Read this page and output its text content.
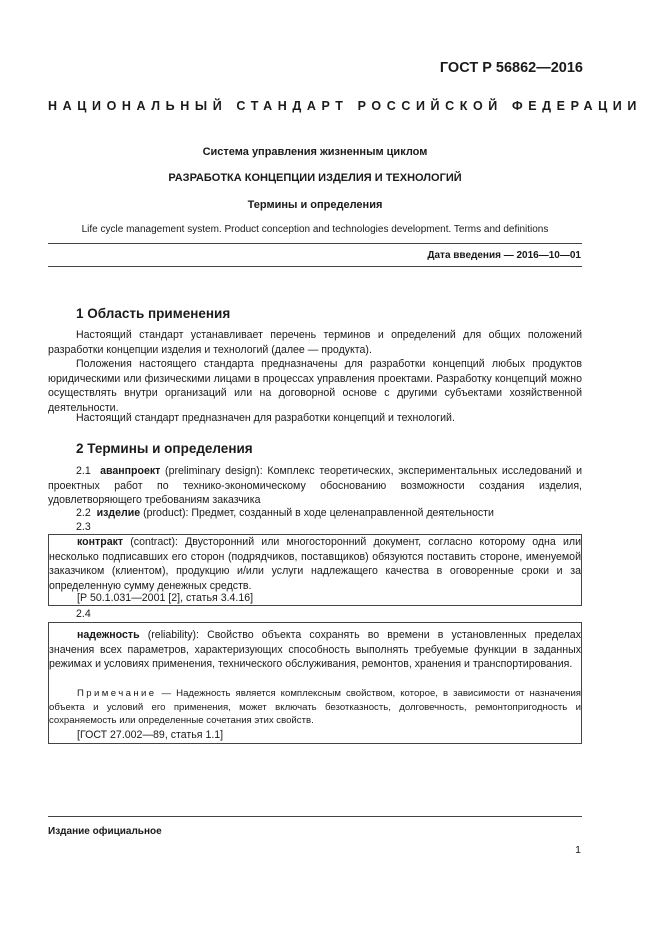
ГОСТ Р 56862—2016
НАЦИОНАЛЬНЫЙ СТАНДАРТ РОССИЙСКОЙ ФЕДЕРАЦИИ
Система управления жизненным циклом
РАЗРАБОТКА КОНЦЕПЦИИ ИЗДЕЛИЯ И ТЕХНОЛОГИЙ
Термины и определения
Life cycle management system. Product conception and technologies development. Terms and definitions
Дата введения — 2016—10—01
1 Область применения
Настоящий стандарт устанавливает перечень терминов и определений для общих положений разработки концепции изделия и технологий (далее — продукта).
Положения настоящего стандарта предназначены для разработки концепций любых продуктов юридическими или физическими лицами в процессах управления проектами. Разработку концепций можно осуществлять внутри организаций или на договорной основе с другими субъектами хозяйственной деятельности.
Настоящий стандарт предназначен для разработки концепций и технологий.
2 Термины и определения
2.1 аванпроект (preliminary design): Комплекс теоретических, экспериментальных исследований и проектных работ по технико-экономическому обоснованию возможности создания изделия, удовлетворяющего требованиям заказчика
2.2 изделие (product): Предмет, созданный в ходе целенаправленной деятельности
2.3
контракт (contract): Двусторонний или многосторонний документ, согласно которому одна или несколько подписавших его сторон (подрядчиков, поставщиков) обязуются поставить стороне, именуемой заказчиком (клиентом), продукцию и/или услуги надлежащего качества в оговоренные сроки и за определенную сумму денежных средств.
[Р 50.1.031—2001 [2], статья 3.4.16]
2.4
надежность (reliability): Свойство объекта сохранять во времени в установленных пределах значения всех параметров, характеризующих способность выполнять требуемые функции в заданных режимах и условиях применения, технического обслуживания, ремонтов, хранения и транспортирования.
Примечание — Надежность является комплексным свойством, которое, в зависимости от назначения объекта и условий его применения, может включать безотказность, долговечность, ремонтопригодность и сохраняемость или определенные сочетания этих свойств.
[ГОСТ 27.002—89, статья 1.1]
Издание официальное
1
